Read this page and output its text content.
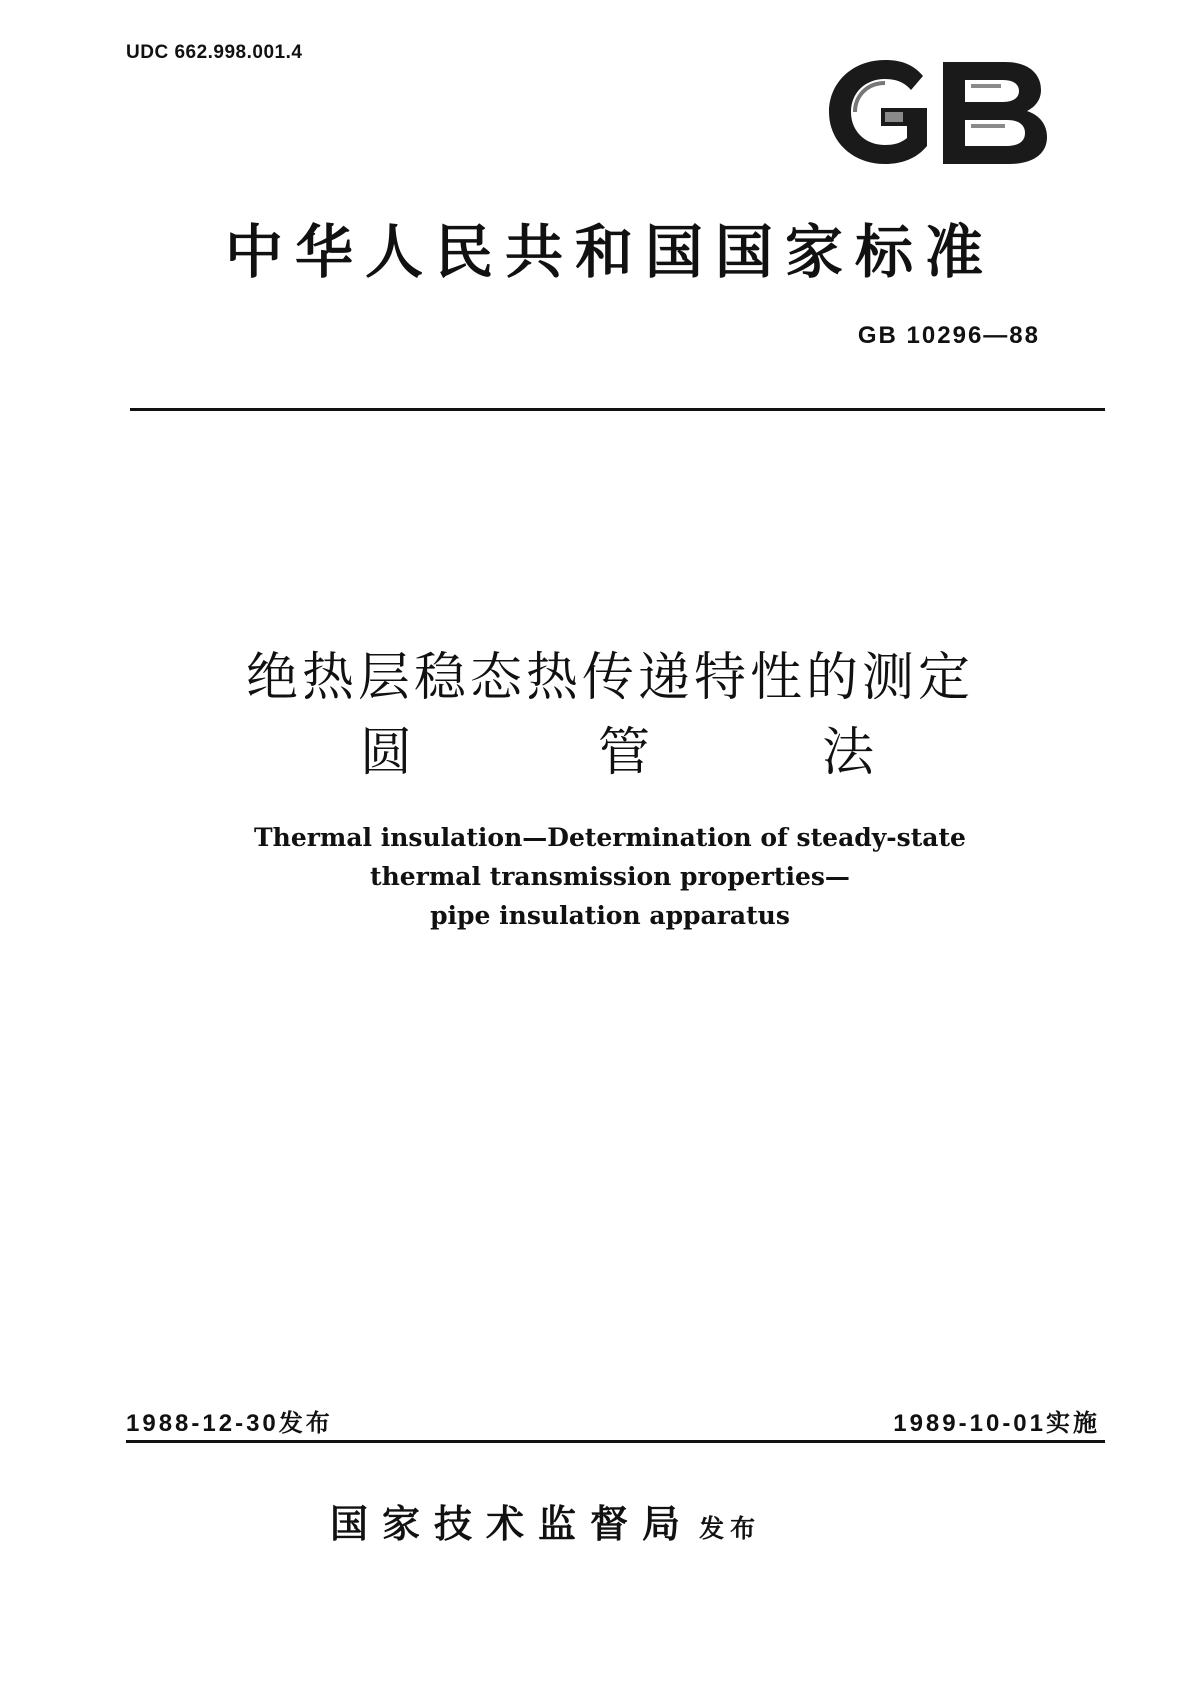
UDC 662.998.001.4
中华人民共和国国家标准
GB 10296—88
绝热层稳态热传递特性的测定
圆	管	法
Thermal insulation—Determination of steady-state
thermal transmission properties—
pipe insulation apparatus
1988-12-30发布	1989-10-01实施
国家技术监督局 发布
